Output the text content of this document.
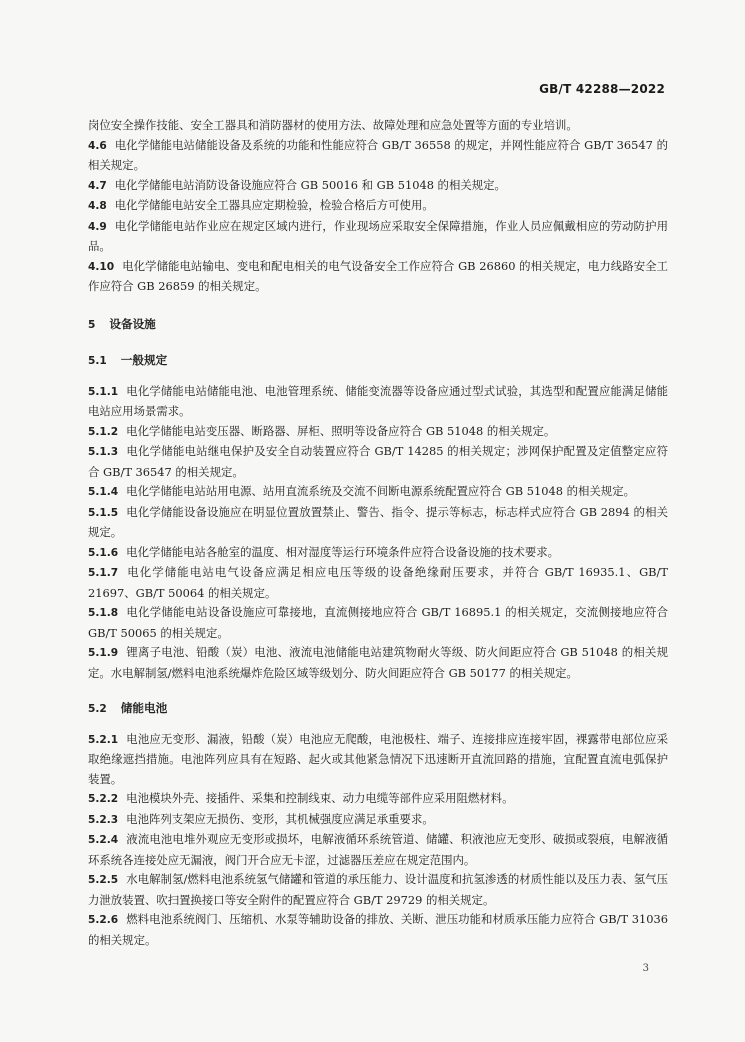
GB/T 42288—2022

岗位安全操作技能、安全工器具和消防器材的使用方法、故障处理和应急处置等方面的专业培训。

4.6 电化学储能电站储能设备及系统的功能和性能应符合 GB/T 36558 的规定，并网性能应符合 GB/T 36547 的相关规定。

4.7 电化学储能电站消防设备设施应符合 GB 50016 和 GB 51048 的相关规定。

4.8 电化学储能电站安全工器具应定期检验，检验合格后方可使用。

4.9 电化学储能电站作业应在规定区域内进行，作业现场应采取安全保障措施，作业人员应佩戴相应的劳动防护用品。

4.10 电化学储能电站输电、变电和配电相关的电气设备安全工作应符合 GB 26860 的相关规定，电力线路安全工作应符合 GB 26859 的相关规定。

5 设备设施

5.1 一般规定

5.1.1 电化学储能电站储能电池、电池管理系统、储能变流器等设备应通过型式试验，其选型和配置应能满足储能电站应用场景需求。

5.1.2 电化学储能电站变压器、断路器、屏柜、照明等设备应符合 GB 51048 的相关规定。

5.1.3 电化学储能电站继电保护及安全自动装置应符合 GB/T 14285 的相关规定；涉网保护配置及定值整定应符合 GB/T 36547 的相关规定。

5.1.4 电化学储能电站站用电源、站用直流系统及交流不间断电源系统配置应符合 GB 51048 的相关规定。

5.1.5 电化学储能设备设施应在明显位置放置禁止、警告、指令、提示等标志，标志样式应符合 GB 2894 的相关规定。

5.1.6 电化学储能电站各舱室的温度、相对湿度等运行环境条件应符合设备设施的技术要求。

5.1.7 电化学储能电站电气设备应满足相应电压等级的设备绝缘耐压要求，并符合 GB/T 16935.1、GB/T 21697、GB/T 50064 的相关规定。

5.1.8 电化学储能电站设备设施应可靠接地，直流侧接地应符合 GB/T 16895.1 的相关规定，交流侧接地应符合 GB/T 50065 的相关规定。

5.1.9 锂离子电池、铅酸（炭）电池、液流电池储能电站建筑物耐火等级、防火间距应符合 GB 51048 的相关规定。水电解制氢/燃料电池系统爆炸危险区域等级划分、防火间距应符合 GB 50177 的相关规定。

5.2 储能电池

5.2.1 电池应无变形、漏液，铅酸（炭）电池应无爬酸，电池极柱、端子、连接排应连接牢固，裸露带电部位应采取绝缘遮挡措施。电池阵列应具有在短路、起火或其他紧急情况下迅速断开直流回路的措施，宜配置直流电弧保护装置。

5.2.2 电池模块外壳、接插件、采集和控制线束、动力电缆等部件应采用阻燃材料。

5.2.3 电池阵列支架应无损伤、变形，其机械强度应满足承重要求。

5.2.4 液流电池电堆外观应无变形或损坏，电解液循环系统管道、储罐、积液池应无变形、破损或裂痕，电解液循环系统各连接处应无漏液，阀门开合应无卡涩，过滤器压差应在规定范围内。

5.2.5 水电解制氢/燃料电池系统氢气储罐和管道的承压能力、设计温度和抗氢渗透的材质性能以及压力表、氢气压力泄放装置、吹扫置换接口等安全附件的配置应符合 GB/T 29729 的相关规定。

5.2.6 燃料电池系统阀门、压缩机、水泵等辅助设备的排放、关断、泄压功能和材质承压能力应符合 GB/T 31036 的相关规定。

3
